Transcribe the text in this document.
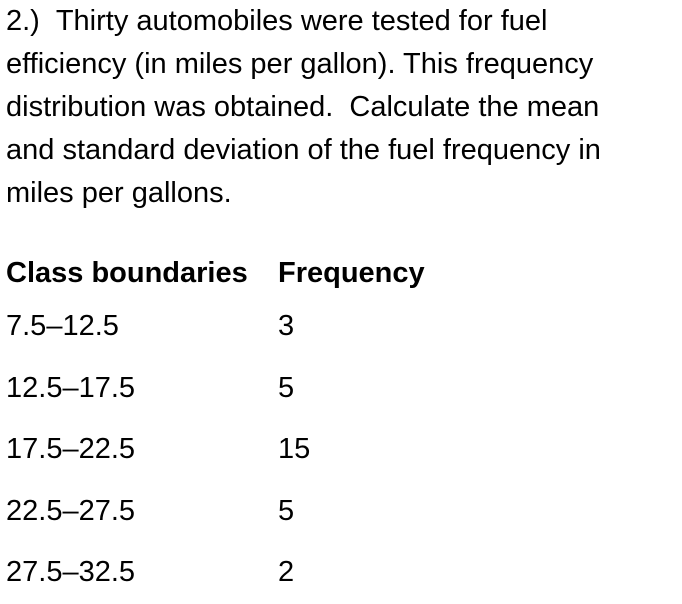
2.) Thirty automobiles were tested for fuel
efficiency (in miles per gallon). This frequency
distribution was obtained.  Calculate the mean
and standard deviation of the fuel frequency in
miles per gallons.
Class boundaries	Frequency
7.5–12.5	3
12.5–17.5	5
17.5–22.5	15
22.5–27.5	5
27.5–32.5	2
